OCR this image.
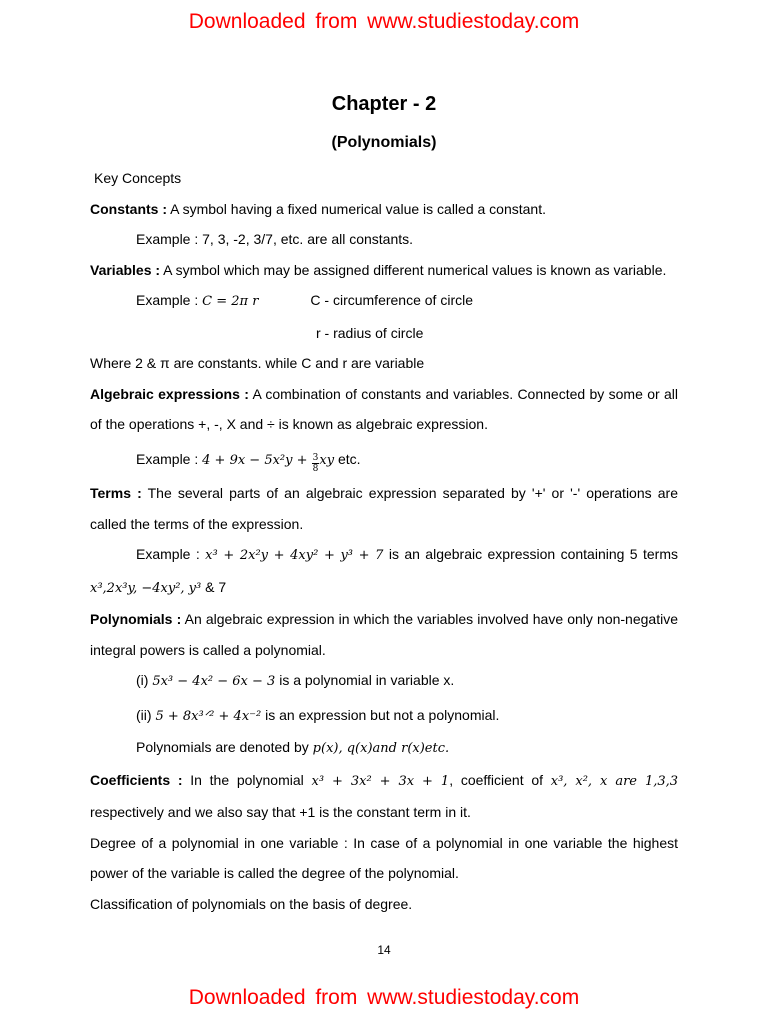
Downloaded from www.studiestoday.com
Chapter - 2
(Polynomials)

Key Concepts

Constants : A symbol having a fixed numerical value is called a constant.

Example : 7, 3, -2, 3/7, etc. are all constants.

Variables : A symbol which may be assigned different numerical values is known as variable.

Example : C = 2π r	C - circumference of circle

r - radius of circle

Where 2 & π are constants. while C and r are variable

Algebraic expressions : A combination of constants and variables. Connected by some or all of the operations +, -, X and ÷ is known as algebraic expression.

Example : $4 + 9x - 5x^2y + \frac{3}{8}$ xy etc.

Terms : The several parts of an algebraic expression separated by '+' or '-' operations are called the terms of the expression.

Example : x³ + 2x²y + 4xy² + y³ + 7 is an algebraic expression containing 5 terms x³,2x³y, −4xy², y³ & 7

Polynomials : An algebraic expression in which the variables involved have only non-negative integral powers is called a polynomial.

(i) 5x³ − 4x² − 6x − 3 is a polynomial in variable x.

(ii) 5 + 8x³ᐟ² + 4x⁻² is an expression but not a polynomial.

Polynomials are denoted by p(x), q(x)and r(x)etc.

Coefficients : In the polynomial x³ + 3x² + 3x + 1, coefficient of x³, x², x are 1,3,3 respectively and we also say that +1 is the constant term in it.

Degree of a polynomial in one variable : In case of a polynomial in one variable the highest power of the variable is called the degree of the polynomial.

Classification of polynomials on the basis of degree.

14
Downloaded from www.studiestoday.com
